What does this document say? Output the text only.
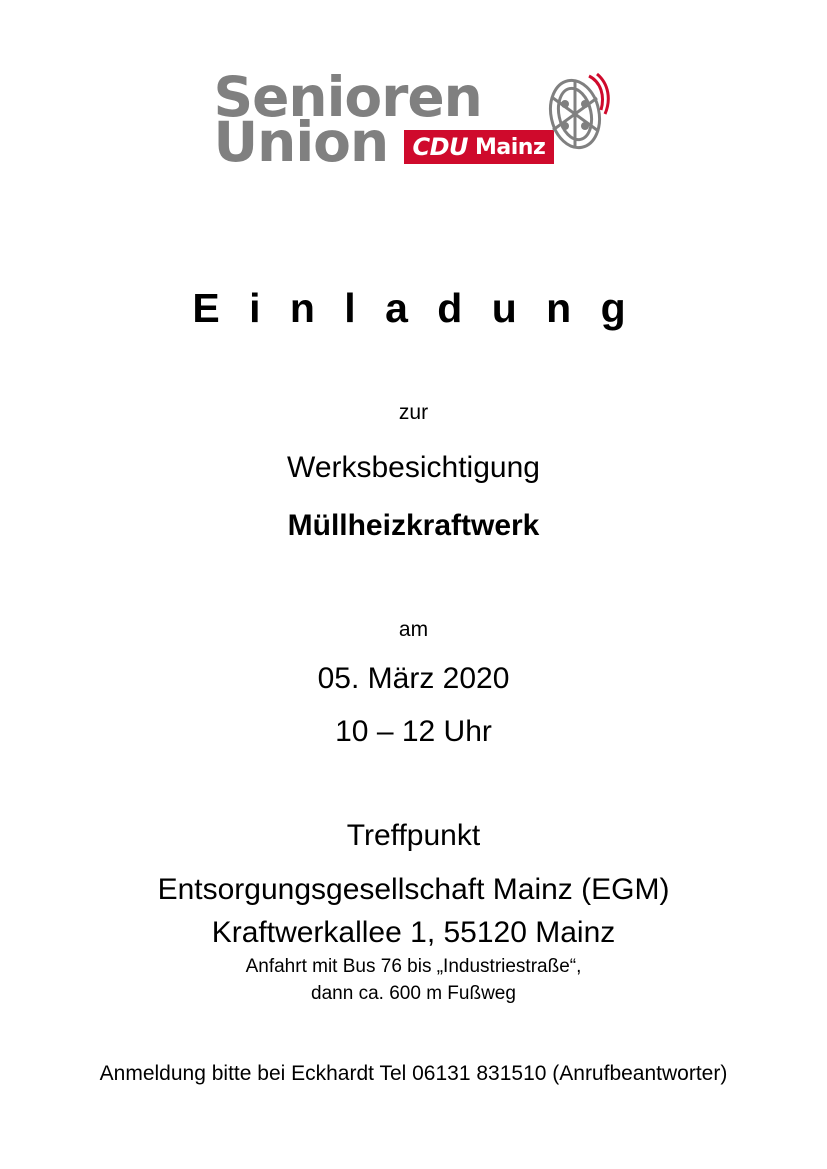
Senioren
Union CDU Mainz
E i n l a d u n g
zur
Werksbesichtigung
Müllheizkraftwerk
am
05. März 2020
10 – 12 Uhr
Treffpunkt
Entsorgungsgesellschaft Mainz (EGM)
Kraftwerkallee 1, 55120 Mainz
Anfahrt mit Bus 76 bis „Industriestraße“,
dann ca. 600 m Fußweg
Anmeldung bitte bei Eckhardt Tel 06131 831510 (Anrufbeantworter)
